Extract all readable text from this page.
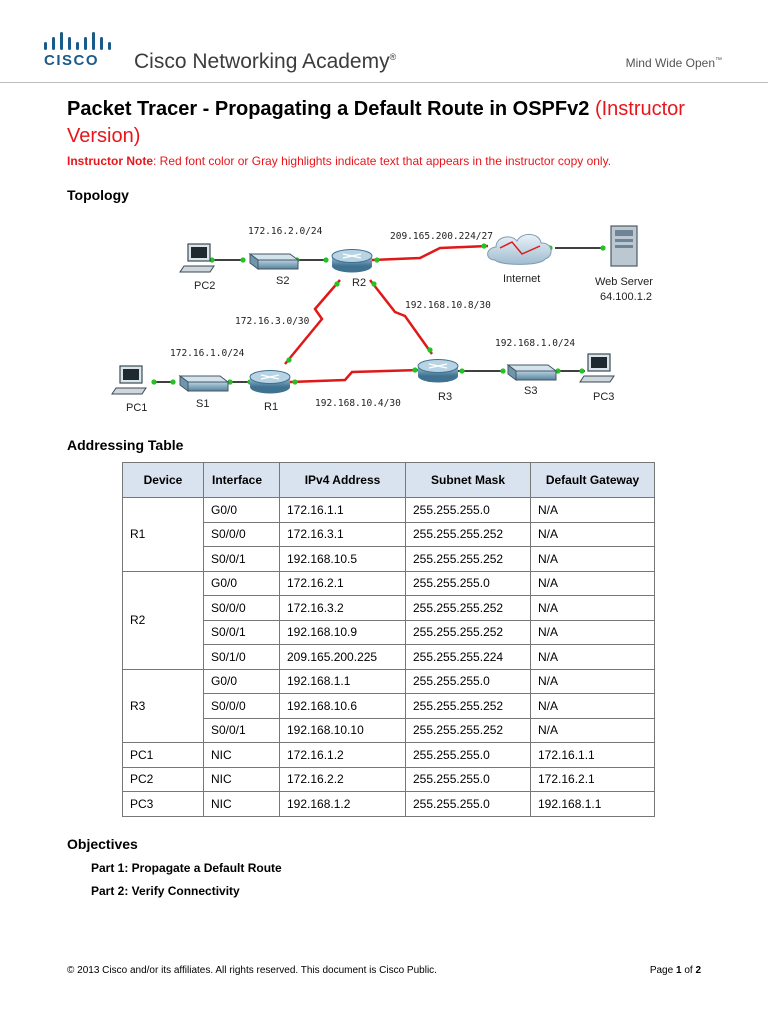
CISCO Cisco Networking Academy®	Mind Wide Open™
Packet Tracer - Propagating a Default Route in OSPFv2 (Instructor Version)
Instructor Note: Red font color or Gray highlights indicate text that appears in the instructor copy only.
Topology
172.16.2.0/24	209.165.200.224/27
172.16.3.0/30
192.168.10.8/30
192.168.1.0/24
172.16.1.0/24
192.168.10.4/30
PC2	S2	R2	Internet	Web Server
64.100.1.2
PC1	S1	R1
R3	S3	PC3
Addressing Table
Device	Interface	IPv4 Address	Subnet Mask	Default Gateway
R1	G0/0	172.16.1.1	255.255.255.0	N/A
	S0/0/0	172.16.3.1	255.255.255.252	N/A
	S0/0/1	192.168.10.5	255.255.255.252	N/A
R2	G0/0	172.16.2.1	255.255.255.0	N/A
	S0/0/0	172.16.3.2	255.255.255.252	N/A
	S0/0/1	192.168.10.9	255.255.255.252	N/A
	S0/1/0	209.165.200.225	255.255.255.224	N/A
R3	G0/0	192.168.1.1	255.255.255.0	N/A
	S0/0/0	192.168.10.6	255.255.255.252	N/A
	S0/0/1	192.168.10.10	255.255.255.252	N/A
PC1	NIC	172.16.1.2	255.255.255.0	172.16.1.1
PC2	NIC	172.16.2.2	255.255.255.0	172.16.2.1
PC3	NIC	192.168.1.2	255.255.255.0	192.168.1.1
Objectives
Part 1: Propagate a Default Route
Part 2: Verify Connectivity
© 2013 Cisco and/or its affiliates. All rights reserved. This document is Cisco Public.	Page 1 of 2
